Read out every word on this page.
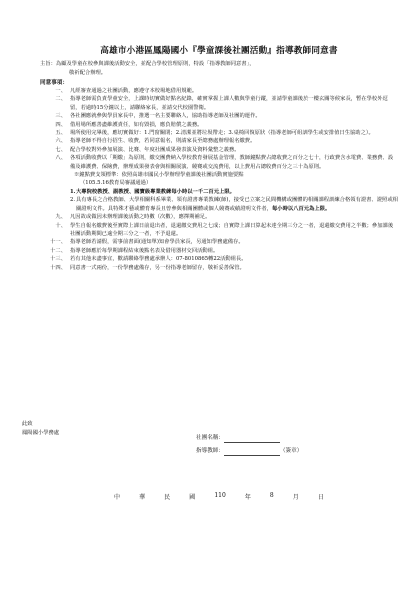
高雄市小港區鳳陽國小『學童課後社團活動』指導教師同意書
主旨：為顧及學童在校參與課後活動安全，並配合學校管理原則，特設「指導教師同意書」，
敬祈配合辦理。
同意事項：
一、 凡經審查通過之社團活動，應遵守本校場地借用規範。
二、 指導老師需負責學童安全，上課時切實做好點名紀錄，確實掌握上課人數與學童行蹤，並請學童課後於一樓玄關等候家長，暫在學校外逗留，若逾時15分鐘以上，請聯絡家長，並請交代校園警衛。
三、 各社團應就參與學員家長中，推選一名主要聯絡人，協助指導老師及社團的運作。
四、 借用場所應善盡維護責任，如有毀損，應負賠償之義務。
五、 場所使用完畢後，應切實做好：1.門窗關閉；2.清潔並將垃圾帶走；3.桌椅回復原狀（指導老師可組訓學生或安排值日生協助之）。
六、 指導老師不得自行招生、收費，若同意報名，則請家長至總務處辦理報名繳費。
七、 配合學校對外參加展演、比賽、年度社團成果發表演及資料彙整之義務。
八、 各項活動收費以「期繳」為原則，繳交團費納入學校教育發展基金管理，教師鐘點費占總收費之百分之七十，行政費含水電費、業務費、設備及維護費、保險費，辦理成果發表會與相關展演、競賽或交流費用，以上費用占總收費百分之三十為原則。
※鐘點費支領標準：依照高雄市國民小學辦理學童課後社團活動實施要點
（105.5.16教育局審議通過）
1. 大專院校教授、副教授、國寶級專業教練每小時以一千二百元上限。
2. 具有專長之合格教師、大學相關科系畢業、領有證書專業教練(師)，接受已立案之民間機構或團體的相關課程訓練合格領有證書、證照或相關證明文件。具特殊才藝或體育專長且曾參與相關團體或個人競賽或績證明文件者，每小時以八百元為上限。
九、 凡因故或做因未辦理課後活動之時數（次數），應擇期補足。
十、 學生自報名繳費後至實際上課日前退出者，退還繳交費用之七成；自實際上課日算起未達全期三分之一者，退還繳交費用之半數；參加課後社團活動期間已逾全期三分之一者，不予退還。
十一、 指導老師若請假，需事前書面(通知單)知會學員家長，另通知學務處備存。
十二、 指導老師應於每學期課程結束後點名表及借用器材交回活動組。
十三、 若有其他未盡事宜，歡請聯絡學務處承辦人：07-8010865轉22活動組長。
十四、 同意書一式兩份，一份學務處備存，另一份指導老師留存，敬祈妥善保管。
此致
鳳陽國小學務處
社團名稱：
指導教師：	（簽章）
中	華	民	國	110	年	8	月	日
